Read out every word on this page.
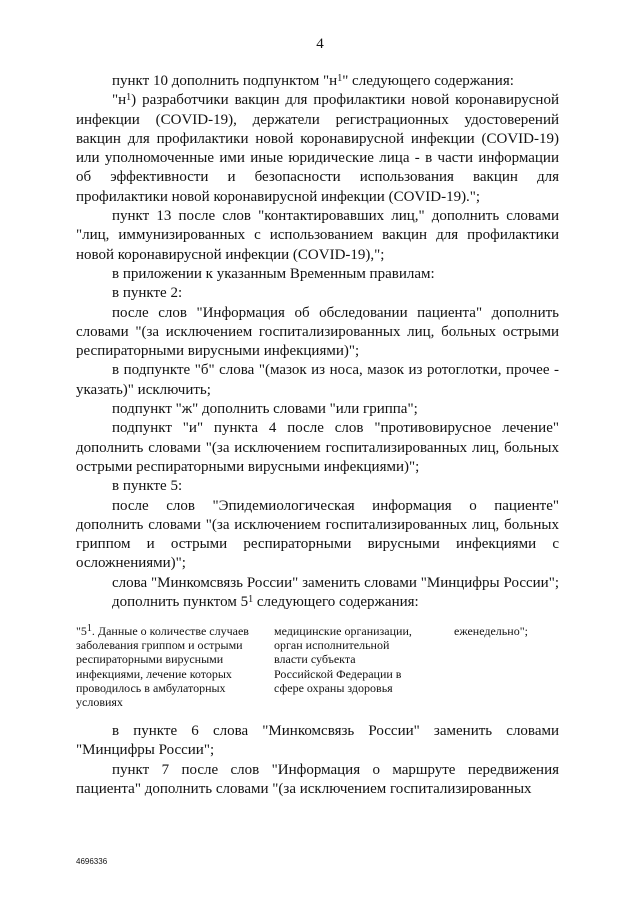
4

пункт 10 дополнить подпунктом "$н^1$" следующего содержания:

"$н^1$) разработчики вакцин для профилактики новой коронавирусной инфекции (COVID-19), держатели регистрационных удостоверений вакцин для профилактики новой коронавирусной инфекции (COVID-19) или уполномоченные ими иные юридические лица - в части информации об эффективности и безопасности использования вакцин для профилактики новой коронавирусной инфекции (COVID-19).";

пункт 13 после слов "контактировавших лиц," дополнить словами "лиц, иммунизированных с использованием вакцин для профилактики новой коронавирусной инфекции (COVID-19),";

в приложении к указанным Временным правилам:

в пункте 2:

после слов "Информация об обследовании пациента" дополнить словами "(за исключением госпитализированных лиц, больных острыми респираторными вирусными инфекциями)";

в подпункте "б" слова "(мазок из носа, мазок из ротоглотки, прочее - указать)" исключить;

подпункт "ж" дополнить словами "или гриппа";

подпункт "и" пункта 4 после слов "противовирусное лечение" дополнить словами "(за исключением госпитализированных лиц, больных острыми респираторными вирусными инфекциями)";

в пункте 5:

после слов "Эпидемиологическая информация о пациенте" дополнить словами "(за исключением госпитализированных лиц, больных гриппом и острыми респираторными вирусными инфекциями с осложнениями)";

слова "Минкомсвязь России" заменить словами "Минцифры России";

дополнить пунктом $5^1$ следующего содержания:

"$5^1$. Данные о количестве случаев заболевания гриппом и острыми респираторными вирусными инфекциями, лечение которых проводилось в амбулаторных условиях
медицинские организации, орган исполнительной власти субъекта Российской Федерации в сфере охраны здоровья
еженедельно";

в пункте 6 слова "Минкомсвязь России" заменить словами "Минцифры России";

пункт 7 после слов "Информация о маршруте передвижения пациента" дополнить словами "(за исключением госпитализированных

4696336
